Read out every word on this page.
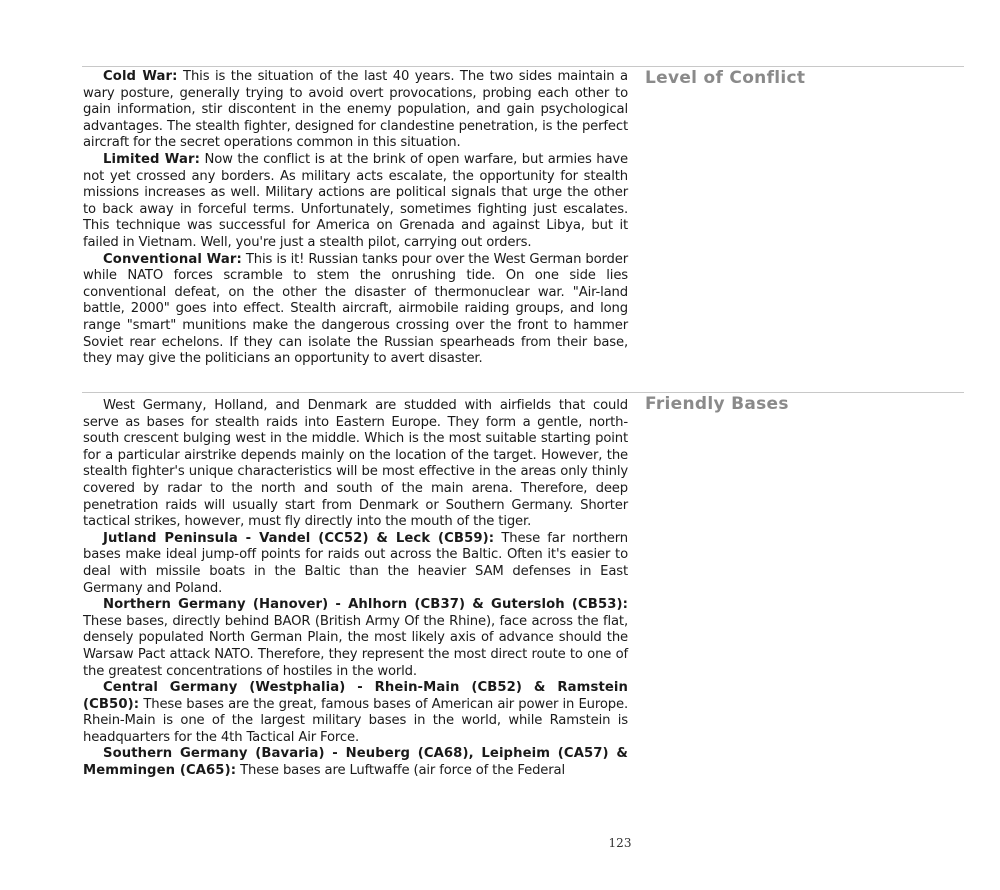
Level of Conflict
Friendly Bases

Cold War: This is the situation of the last 40 years. The two sides maintain a wary posture, generally trying to avoid overt provocations, probing each other to gain information, stir discontent in the enemy population, and gain psychological advantages. The stealth fighter, designed for clandestine penetration, is the perfect aircraft for the secret operations common in this situation.

Limited War: Now the conflict is at the brink of open warfare, but armies have not yet crossed any borders. As military acts escalate, the opportunity for stealth missions increases as well. Military actions are political signals that urge the other to back away in forceful terms. Unfortunately, sometimes fighting just escalates. This technique was successful for America on Grenada and against Libya, but it failed in Vietnam. Well, you're just a stealth pilot, carrying out orders.

Conventional War: This is it! Russian tanks pour over the West German border while NATO forces scramble to stem the onrushing tide. On one side lies conventional defeat, on the other the disaster of thermonuclear war. "Air-land battle, 2000" goes into effect. Stealth aircraft, airmobile raiding groups, and long range "smart" munitions make the dangerous crossing over the front to hammer Soviet rear echelons. If they can isolate the Russian spearheads from their base, they may give the politicians an opportunity to avert disaster.

West Germany, Holland, and Denmark are studded with airfields that could serve as bases for stealth raids into Eastern Europe. They form a gentle, north-south crescent bulging west in the middle. Which is the most suitable starting point for a particular airstrike depends mainly on the location of the target. However, the stealth fighter's unique characteristics will be most effective in the areas only thinly covered by radar to the north and south of the main arena. Therefore, deep penetration raids will usually start from Denmark or Southern Germany. Shorter tactical strikes, however, must fly directly into the mouth of the tiger.

Jutland Peninsula - Vandel (CC52) & Leck (CB59): These far northern bases make ideal jump-off points for raids out across the Baltic. Often it's easier to deal with missile boats in the Baltic than the heavier SAM defenses in East Germany and Poland.

Northern Germany (Hanover) - Ahlhorn (CB37) & Gutersloh (CB53): These bases, directly behind BAOR (British Army Of the Rhine), face across the flat, densely populated North German Plain, the most likely axis of advance should the Warsaw Pact attack NATO. Therefore, they represent the most direct route to one of the greatest concentrations of hostiles in the world.

Central Germany (Westphalia) - Rhein-Main (CB52) & Ramstein (CB50): These bases are the great, famous bases of American air power in Europe. Rhein-Main is one of the largest military bases in the world, while Ramstein is headquarters for the 4th Tactical Air Force.

Southern Germany (Bavaria) - Neuberg (CA68), Leipheim (CA57) & Memmingen (CA65): These bases are Luftwaffe (air force of the Federal

123
